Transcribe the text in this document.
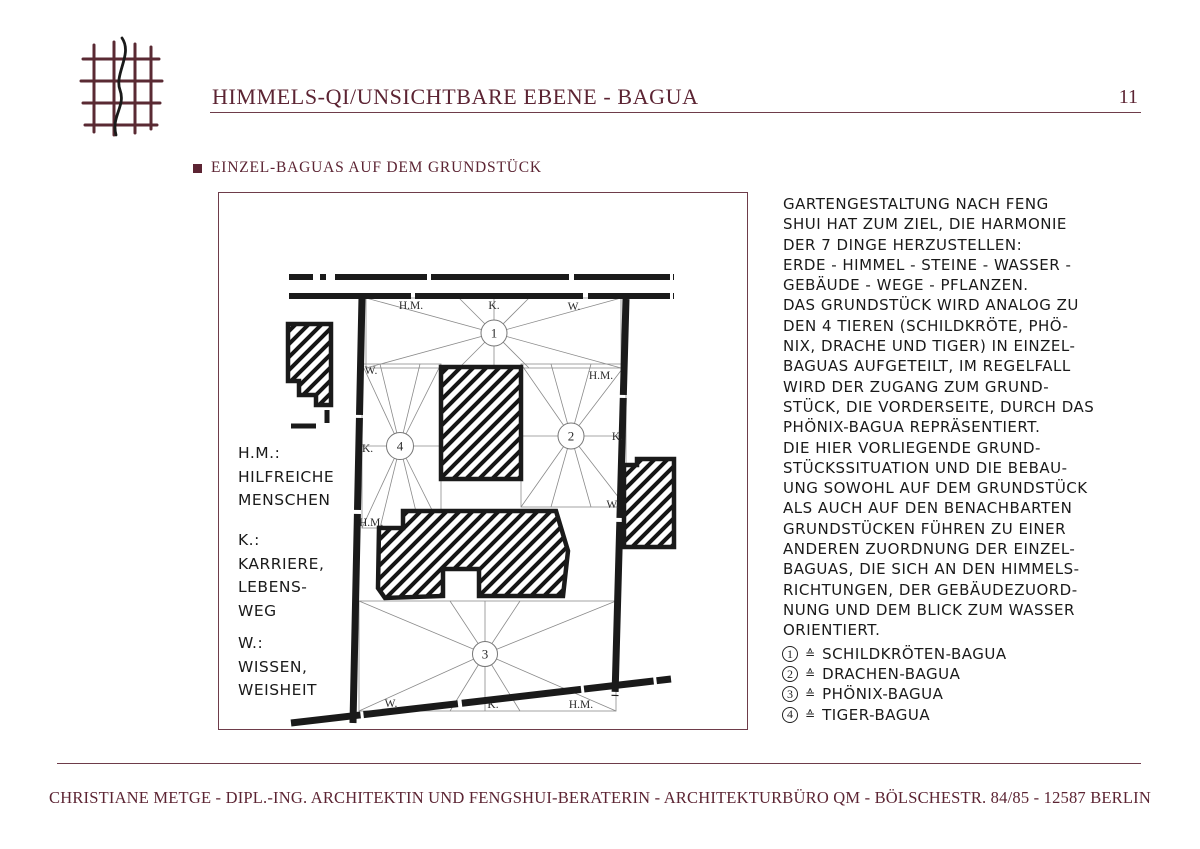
HIMMELS-QI/UNSICHTBARE EBENE - BAGUA	11
EINZEL-BAGUAS AUF DEM GRUNDSTÜCK
1
2
3
4
H.M.	K.	W.
H.M.
K.
W.
W.	K.	H.M.
W.
K.
H.M.
H.M.:
HILFREICHE
MENSCHEN
K.:
KARRIERE,
LEBENS-
WEG
W.:
WISSEN,
WEISHEIT
GARTENGESTALTUNG NACH FENG
SHUI HAT ZUM ZIEL, DIE HARMONIE
DER 7 DINGE HERZUSTELLEN:
ERDE - HIMMEL - STEINE - WASSER -
GEBÄUDE - WEGE - PFLANZEN.
DAS GRUNDSTÜCK WIRD ANALOG ZU
DEN 4 TIEREN (SCHILDKRÖTE, PHÖ-
NIX, DRACHE UND TIGER) IN EINZEL-
BAGUAS AUFGETEILT, IM REGELFALL
WIRD DER ZUGANG ZUM GRUND-
STÜCK, DIE VORDERSEITE, DURCH DAS
PHÖNIX-BAGUA REPRÄSENTIERT.
DIE HIER VORLIEGENDE GRUND-
STÜCKSSITUATION UND DIE BEBAU-
UNG SOWOHL AUF DEM GRUNDSTÜCK
ALS AUCH AUF DEN BENACHBARTEN
GRUNDSTÜCKEN FÜHREN ZU EINER
ANDEREN ZUORDNUNG DER EINZEL-
BAGUAS, DIE SICH AN DEN HIMMELS-
RICHTUNGEN, DER GEBÄUDEZUORD-
NUNG UND DEM BLICK ZUM WASSER
ORIENTIERT.
1	≙ SCHILDKRÖTEN-BAGUA
2	≙ DRACHEN-BAGUA
3	≙ PHÖNIX-BAGUA
4	≙ TIGER-BAGUA
CHRISTIANE METGE - DIPL.-ING. ARCHITEKTIN UND FENGSHUI-BERATERIN - ARCHITEKTURBÜRO QM - BÖLSCHESTR. 84/85 - 12587 BERLIN
